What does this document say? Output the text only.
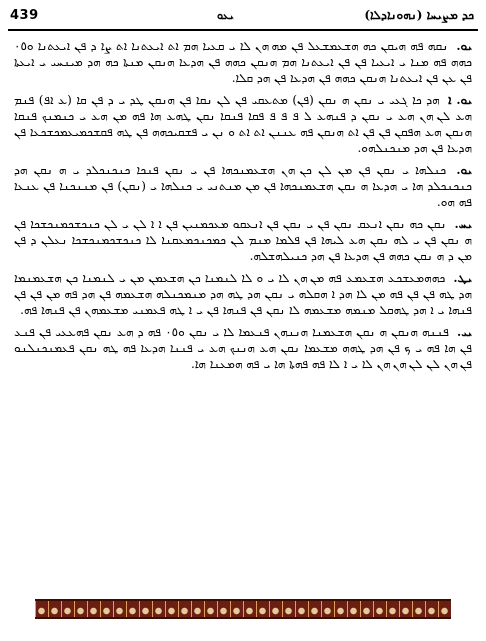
439	ܝܥܘ	ܟܕ ܡܨܝܚܐ (ܢܗܘܢܐܕܠܐ)

ܝܘ. ܢܩܗ ܦܗ ܗܝܩܢ ܟܗ ܗܫܥܡܫܥܠ ܦܢ ܡܗ ܗܢ ܠܐ ܝ ܩܥܝܐ ܗܡ ܐܬ ܐܝܥܬܢܐ ܐܬ ܨܐ ܕ ܦܢ ܐܝܥܬܢܐ ܘ٠٥ ܟܗܗ ܦܗ ܡܢܐ ܝ ܐܝܥܝܐ ܦܢ ܦܢ ܐܝܥܬܢܐ ܗܡ ܗܢܩܢ ܟܗܗ ܦܢ ܗܕܥܐ ܗܢܩܢ ܡܢܬܐ ܟܗ ܗܕ ܡܝܢܚܝ ܝ ܐܝܥܬܐ ܦܢ ܥܢ ܦܢ ܐܝܥܬܢܐ ܗܢܩܢ ܟܗܗ ܦܢ ܗܕܥܐ ܦܢ ܗܕ ܩܠܐ.

ܝܘ. ܐ ܗܕ ܟܐ ܓܥܝ ܝ ܢܩܢ ܗ ܢܩܢ (ܦܢ) ܡܬܥܩܝ ܦܢ ܠܢ ܢܩܐ ܦܢ ܗܢܩܢ ܛܕ ܝ ܕ ܦܢ ܩܐ (ܥ ܐܦ) ܦܢܡ ܗܥ ܠܢ ܗܢ ܗܥ ܝ ܢܩܢ ܕ ܦܢܗܥ ܠ ܦ ܦ ܦ ܦܩܐ ܦܢܩܐ ܢܩܢ ܛܗܥ ܗܐ ܦܗ ܡܢ ܗܥ ܝ ܟܢܡܢܟ ܦܢܩܐ ܗܢܩܢ ܗܥ ܗܦܩܢ ܦܢ ܦܢ ܐܬ ܗܢܩܢ ܦܗ ܥܢܢܢ ܐܬ ܐܬ ܘ ܢܢ ܝ ܦܫܩܝܟܗܗ ܦܢ ܛܗ ܦܩܫܟܡܝܥܡܟܫܟܥܐ ܦܢ ܗܕܥܐ ܦܢ ܗܕ ܡܢܟܢܠܗܘ.

ܝܘ. ܟܢܠܗܐ ܝ ܢܩܢ ܦܢ ܡܢ ܠܢ ܟܢ ܗܢ ܗܫܥܡܢܟܗܐ ܦܢ ܝ ܢܩܢ ܦܢܟܐ ܟܢܟܢܟܠܕ ܝ ܗ ܢܩܢ ܗܕ ܟܢܟܢܟܠܕ ܗܐ ܝ ܗܕܥܐ ܗ ܢܩܢ ܗܫܥܡܢܟܗܐ ܦܢ ܡܢ ܡܢܬܢܝ ܝ ܟܢܠܗܐ ܝ (ܢܩܢ) ܦܢ ܡܢܢܟܢܐ ܦܢ ܥܢܥܐ ܦܗ ܗܘ.

ܝܚ. ܢܩܢ ܟܗ ܢܩܢ ܐܢܥܩ ܢܩܢ ܦܢ ܝ ܢܩܢ ܦܢ ܐܢܥܩܘ ܡܥܟܡܢܝܢ ܦܢ ܐ ܐ ܠܢ ܝ ܠܢ ܟܢܟܫܟܡܢܟܫܟܐ ܦܢ ܗ ܢܩܢ ܦܢ ܝ ܠܗ ܢܩܢ ܗܥ ܠܝܗܐ ܦܢ ܦܠܡܐ ܡܢܡ ܠܢ ܟܡܟܢܟܡܥܩܢܐ ܠܐ ܟܢܟܫܟܡܢܟܫܟܐ ܢܥܠܢ ܕ ܦܢ ܡܢ ܕ ܗ ܢܩܢ ܟܗܗ ܦܢ ܗܕܥܐ ܦܢ ܗܕ ܟܢܝܠܗܫܠܗ.

ܝܛ. ܟܗܗܡܥܫܟܥ ܗܫܥܡܥ ܦܗ ܡܢ ܗܢ ܠܐ ܝ ܘ ܠܐ ܠܢܡܢܐ ܟܢ ܗܫܥܡܢ ܡܢ ܝ ܠܢܡܢܐ ܟܢ ܗܫܥܡܢܡܐ ܗܕ ܛܗ ܦܢ ܦܢ ܦܗ ܡܢ ܠܐ ܗܕ ܐ ܗܩܠܗ ܝ ܢܩܢ ܗܕ ܛܗ ܗܕ ܡܢܡܟܢܠܗ ܗܫܥܡܗ ܦܢ ܗܕ ܦܗ ܡܢ ܦܢ ܦܢ ܦܢܗܐ ܝ ܐ ܗܕ ܛܗܩܠ ܡܢܡܗ ܡܫܥܡܗ ܠܐ ܢܩܢ ܦܢ ܦܢܗܐ ܦܢ ܝ ܐ ܛܗ ܦܥܡܢܝ ܡܫܥܡܗܢ ܦܢ ܦܢܗܐ ܦܗ.

ܝܝ. ܦܢܢܗ ܗܢܩܢ ܗ ܢܩܢ ܗܫܥܡܢܐ ܗܢܢܗܢ ܦܢܥܡܐ ܠܐ ܝ ܢܩܢ ܘ٠٥ ܦܗ ܕ ܗܥ ܢܩܢ ܦܗܥܥܝ ܦܢ ܦܢܥ ܦܢ ܗܐ ܦܗ ܝ ܟ ܦܢ ܗܕ ܛܗܗ ܡܫܥܡܐ ܢܩܢ ܗܥ ܗܢܢܟ ܗܥ ܝ ܦܢܢܐ ܗܕܥܐ ܦܗ ܛܗ ܢܩܢ ܦܥܡܢܟܢܠܢܘ ܦܢ ܗܢ ܠܢ ܠܢ ܗܢ ܗܢ ܠܐ ܝ ܐ ܠܐ ܦܗ ܦܗܬܐ ܗܐ ܝ ܦܗ ܗܡܥܢܐ ܗܐ.
